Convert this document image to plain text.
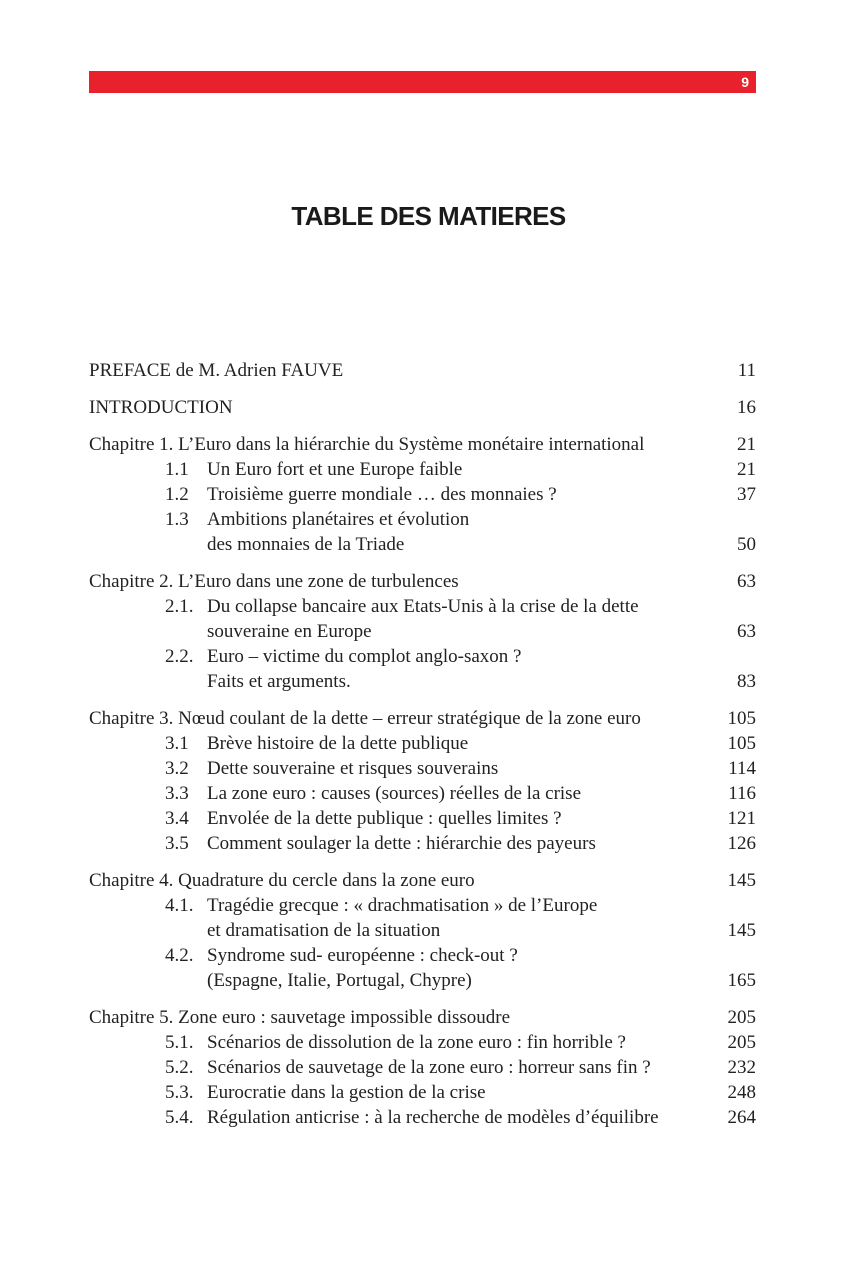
9
TABLE DES MATIERES
PREFACE de M. Adrien FAUVE	11
INTRODUCTION	16
Chapitre 1. L’Euro dans la hiérarchie du Système monétaire international	21
1.1 Un Euro fort et une Europe faible	21
1.2 Troisième guerre mondiale … des monnaies ?	37
1.3 Ambitions planétaires et évolution
des monnaies de la Triade	50
Chapitre 2. L’Euro dans une zone de turbulences	63
2.1. Du collapse bancaire aux Etats-Unis à la crise de la dette
souveraine en Europe	63
2.2. Euro – victime du complot anglo-saxon ?
Faits et arguments.	83
Chapitre 3. Nœud coulant de la dette – erreur stratégique de la zone euro	105
3.1 Brève histoire de la dette publique	105
3.2 Dette souveraine et risques souverains	114
3.3 La zone euro : causes (sources) réelles de la crise	116
3.4 Envolée de la dette publique : quelles limites ?	121
3.5 Comment soulager la dette : hiérarchie des payeurs	126
Chapitre 4. Quadrature du cercle dans la zone euro	145
4.1. Tragédie grecque : « drachmatisation » de l’Europe
et dramatisation de la situation	145
4.2. Syndrome sud- européenne : check-out ?
(Espagne, Italie, Portugal, Chypre)	165
Chapitre 5. Zone euro : sauvetage impossible dissoudre	205
5.1. Scénarios de dissolution de la zone euro : fin horrible ?	205
5.2. Scénarios de sauvetage de la zone euro : horreur sans fin ?	232
5.3. Eurocratie dans la gestion de la crise	248
5.4. Régulation anticrise : à la recherche de modèles d’équilibre	264
